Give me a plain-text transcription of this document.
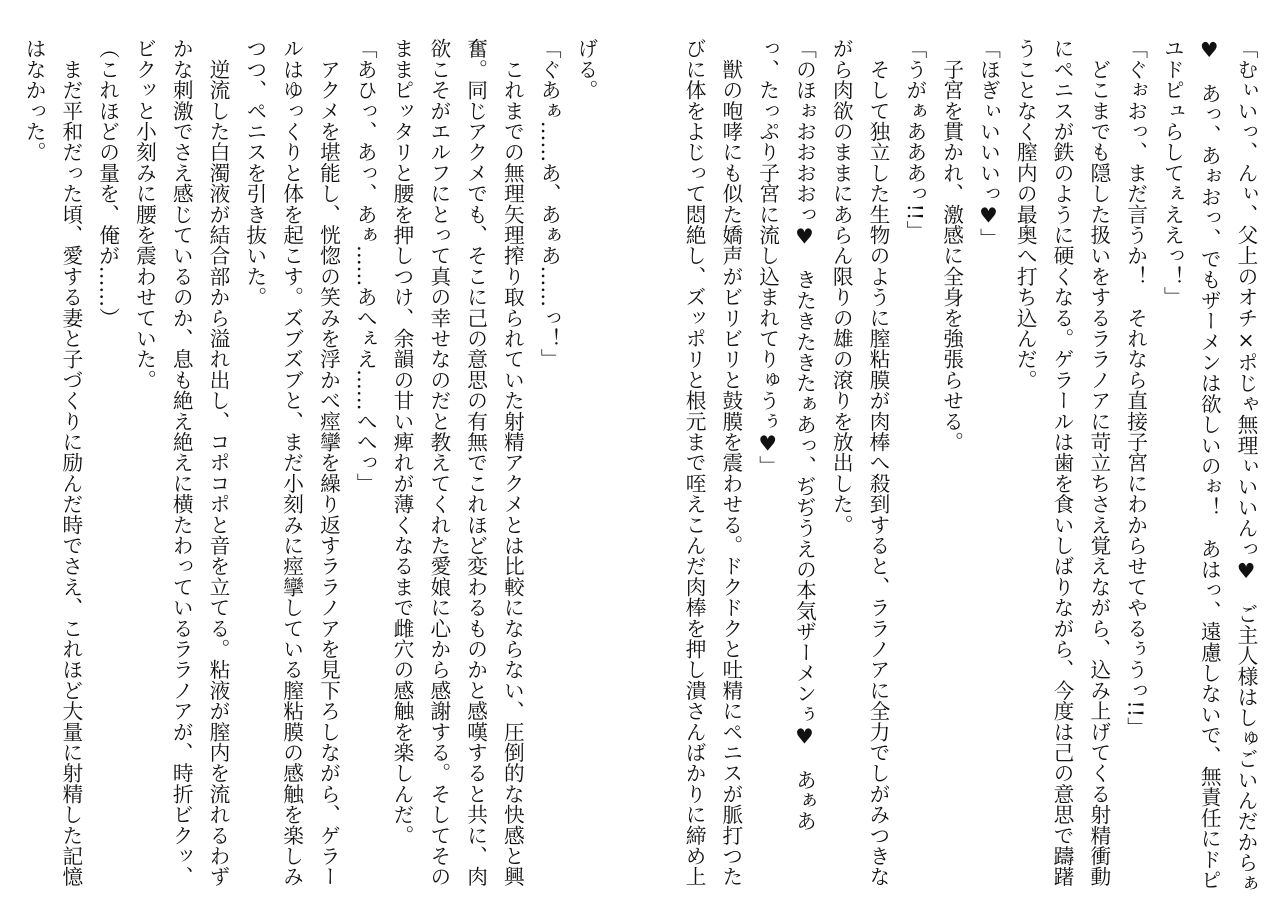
「むぃいっ、んぃ、父上のオチ×ポじゃ無理ぃいいんっ♥　ご主人様はしゅごいんだからぁ
♥　あっ、あぉおっ、でもザーメンは欲しいのぉ！　あはっ、遠慮しないで、無責任にドピ
ユドピュらしてぇええっ！」
「ぐぉおっ、まだ言うか！　それなら直接子宮にわからせてやるぅうっ!!」
　どこまでも隠した扱いをするララノアに苛立ちさえ覚えながら、込み上げてくる射精衝動
にペニスが鉄のように硬くなる。ゲラールは歯を食いしばりながら、今度は己の意思で躊躇
うことなく膣内の最奥へ打ち込んだ。
「ほぎぃいいいっ♥」
　子宮を貫かれ、激感に全身を強張らせる。
「うがぁあああっ!!」
　そして独立した生物のように膣粘膜が肉棒へ殺到すると、ララノアに全力でしがみつきな
がら肉欲のままにあらん限りの雄の滾りを放出した。
「のほぉおおおおっ♥　きたきたきたぁあっ、ぢぢうえの本気ザーメンぅ♥　あぁあ
っ、たっぷり子宮に流し込まれてりゅうぅ♥」
　獣の咆哮にも似た嬌声がビリビリと鼓膜を震わせる。ドクドクと吐精にペニスが脈打つた
びに体をよじって悶絶し、ズッポリと根元まで咥えこんだ肉棒を押し潰さんばかりに締め上
げる。
「ぐあぁ……あ、あぁあ……っ！」
　これまでの無理矢理搾り取られていた射精アクメとは比較にならない、圧倒的な快感と興
奮。同じアクメでも、そこに己の意思の有無でこれほど変わるものかと感嘆すると共に、肉
欲こそがエルフにとって真の幸せなのだと教えてくれた愛娘に心から感謝する。そしてその
ままピッタリと腰を押しつけ、余韻の甘い痺れが薄くなるまで雌穴の感触を楽しんだ。
「あひっ、あっ、あぁ……あへぇえ……へへっ」
　アクメを堪能し、恍惚の笑みを浮かべ痙攣を繰り返すララノアを見下ろしながら、ゲラー
ルはゆっくりと体を起こす。ズブズブと、まだ小刻みに痙攣している膣粘膜の感触を楽しみ
つつ、ペニスを引き抜いた。
　逆流した白濁液が結合部から溢れ出し、コポコポと音を立てる。粘液が膣内を流れるわず
かな刺激でさえ感じているのか、息も絶え絶えに横たわっているララノアが、時折ビクッ、
ビクッと小刻みに腰を震わせていた。
（これほどの量を、俺が……）
　まだ平和だった頃、愛する妻と子づくりに励んだ時でさえ、これほど大量に射精した記憶
はなかった。
